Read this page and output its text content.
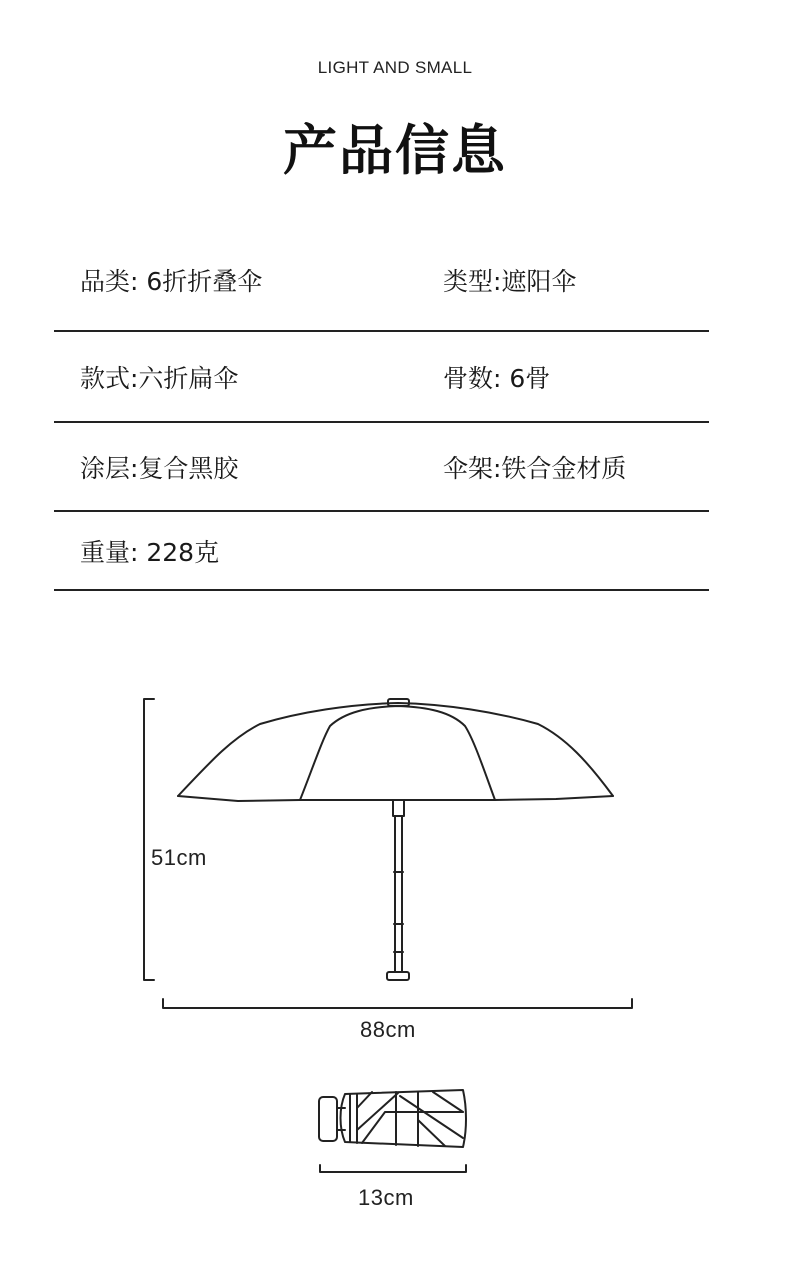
LIGHT AND SMALL
产品信息
品类: 6折折叠伞	类型:遮阳伞
款式:六折扁伞	骨数: 6骨
涂层:复合黑胶	伞架:铁合金材质
重量: 228克
51cm
88cm
13cm
